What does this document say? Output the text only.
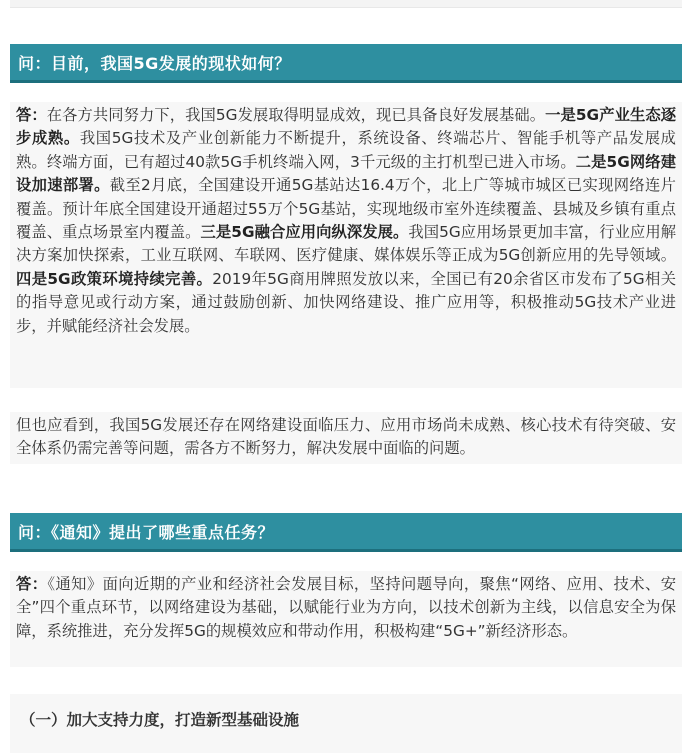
问：目前，我国5G发展的现状如何？
答：在各方共同努力下，我国5G发展取得明显成效，现已具备良好发展基础。一是5G产业生态逐步成熟。我国5G技术及产业创新能力不断提升，系统设备、终端芯片、智能手机等产品发展成熟。终端方面，已有超过40款5G手机终端入网，3千元级的主打机型已进入市场。二是5G网络建设加速部署。截至2月底，全国建设开通5G基站达16.4万个，北上广等城市城区已实现网络连片覆盖。预计年底全国建设开通超过55万个5G基站，实现地级市室外连续覆盖、县城及乡镇有重点覆盖、重点场景室内覆盖。三是5G融合应用向纵深发展。我国5G应用场景更加丰富，行业应用解决方案加快探索，工业互联网、车联网、医疗健康、媒体娱乐等正成为5G创新应用的先导领域。四是5G政策环境持续完善。2019年5G商用牌照发放以来，全国已有20余省区市发布了5G相关的指导意见或行动方案，通过鼓励创新、加快网络建设、推广应用等，积极推动5G技术产业进步，并赋能经济社会发展。
但也应看到，我国5G发展还存在网络建设面临压力、应用市场尚未成熟、核心技术有待突破、安全体系仍需完善等问题，需各方不断努力，解决发展中面临的问题。
问：《通知》提出了哪些重点任务？
答：《通知》面向近期的产业和经济社会发展目标，坚持问题导向，聚焦“网络、应用、技术、安全”四个重点环节，以网络建设为基础，以赋能行业为方向，以技术创新为主线，以信息安全为保障，系统推进，充分发挥5G的规模效应和带动作用，积极构建“5G+”新经济形态。
（一）加大支持力度，打造新型基础设施
